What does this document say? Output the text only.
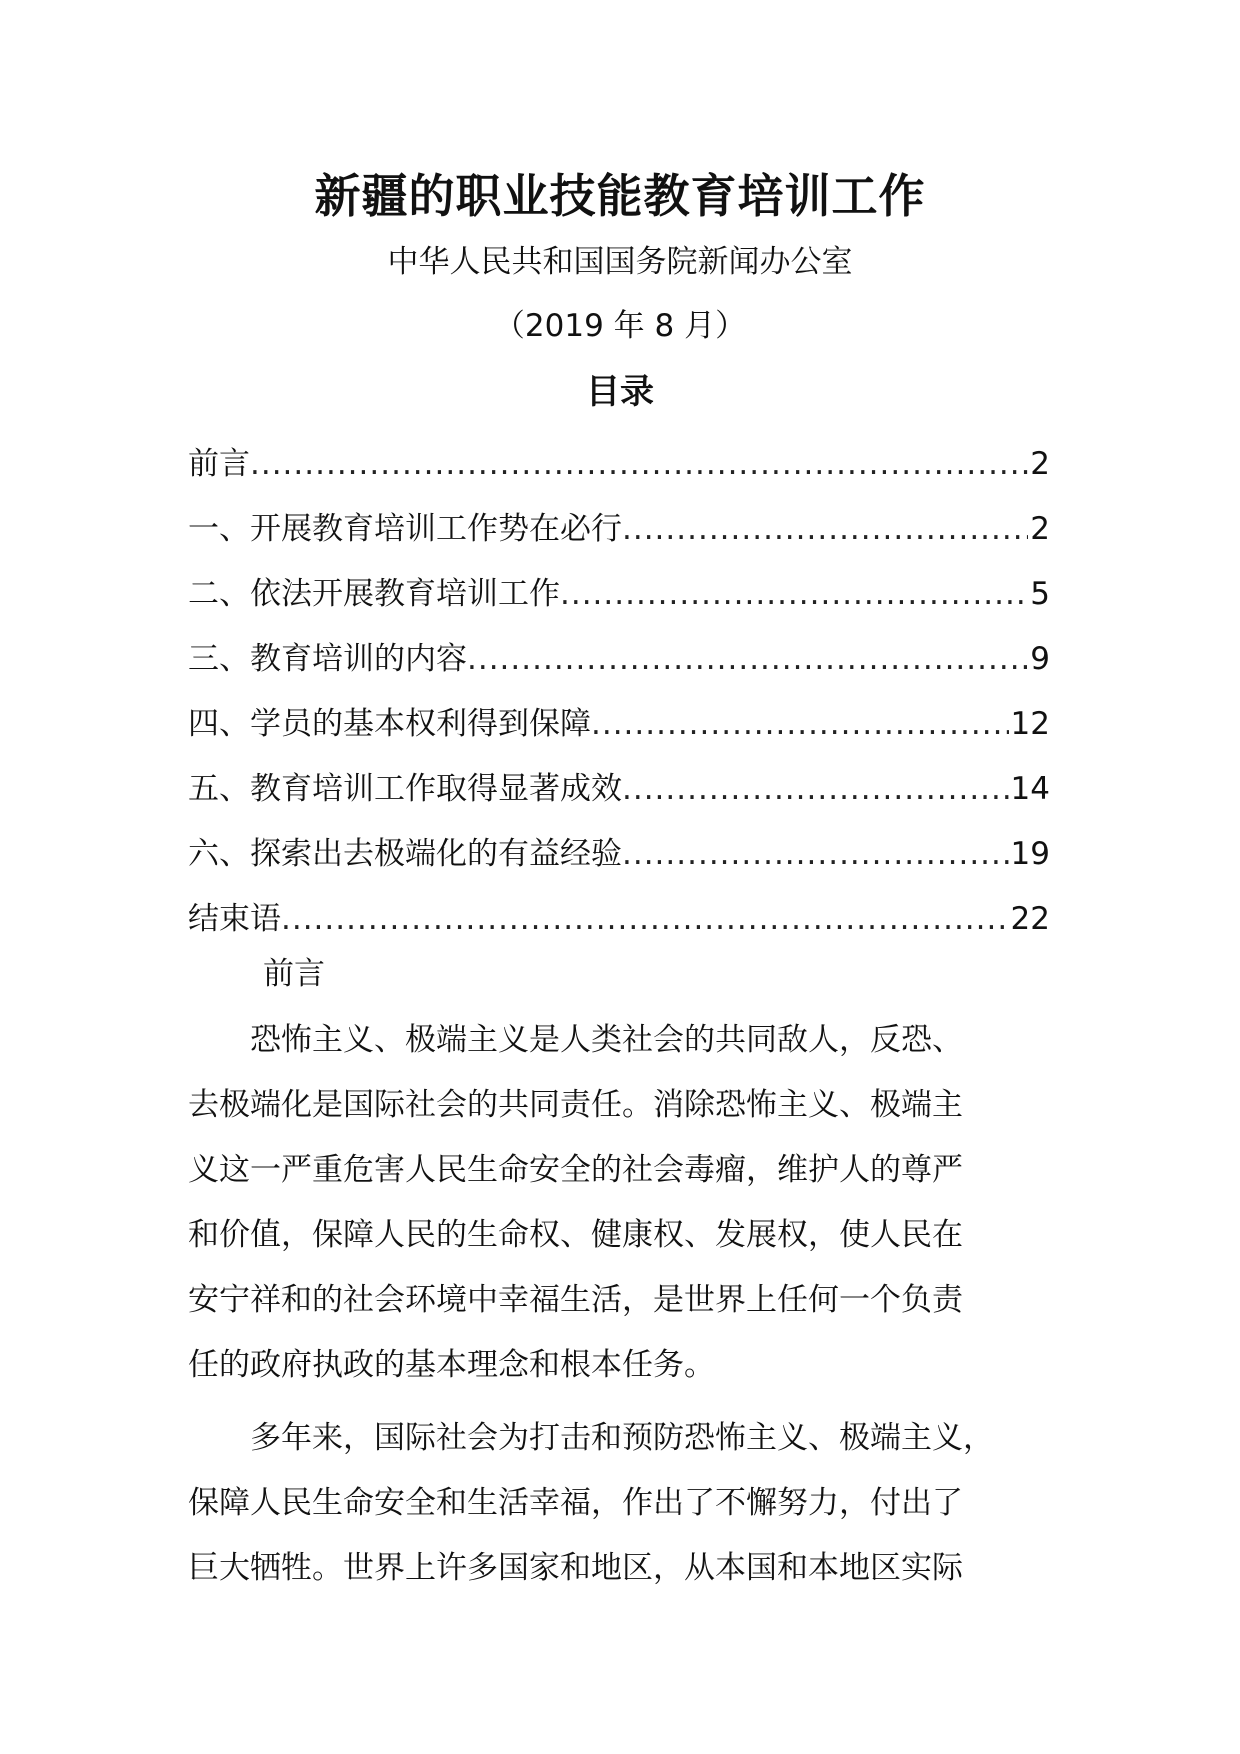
新疆的职业技能教育培训工作
中华人民共和国国务院新闻办公室
（2019 年 8 月）
目录
前言 .....	2
一、开展教育培训工作势在必行 .....	2
二、依法开展教育培训工作 .....	5
三、教育培训的内容 .....	9
四、学员的基本权利得到保障 .....	12
五、教育培训工作取得显著成效 .....	14
六、探索出去极端化的有益经验 .....	19
结束语 .....	22
前言

　　恐怖主义、极端主义是人类社会的共同敌人，反恐、
去极端化是国际社会的共同责任。消除恐怖主义、极端主
义这一严重危害人民生命安全的社会毒瘤，维护人的尊严
和价值，保障人民的生命权、健康权、发展权，使人民在
安宁祥和的社会环境中幸福生活，是世界上任何一个负责
任的政府执政的基本理念和根本任务。

　　多年来，国际社会为打击和预防恐怖主义、极端主义，
保障人民生命安全和生活幸福，作出了不懈努力，付出了
巨大牺牲。世界上许多国家和地区，从本国和本地区实际
